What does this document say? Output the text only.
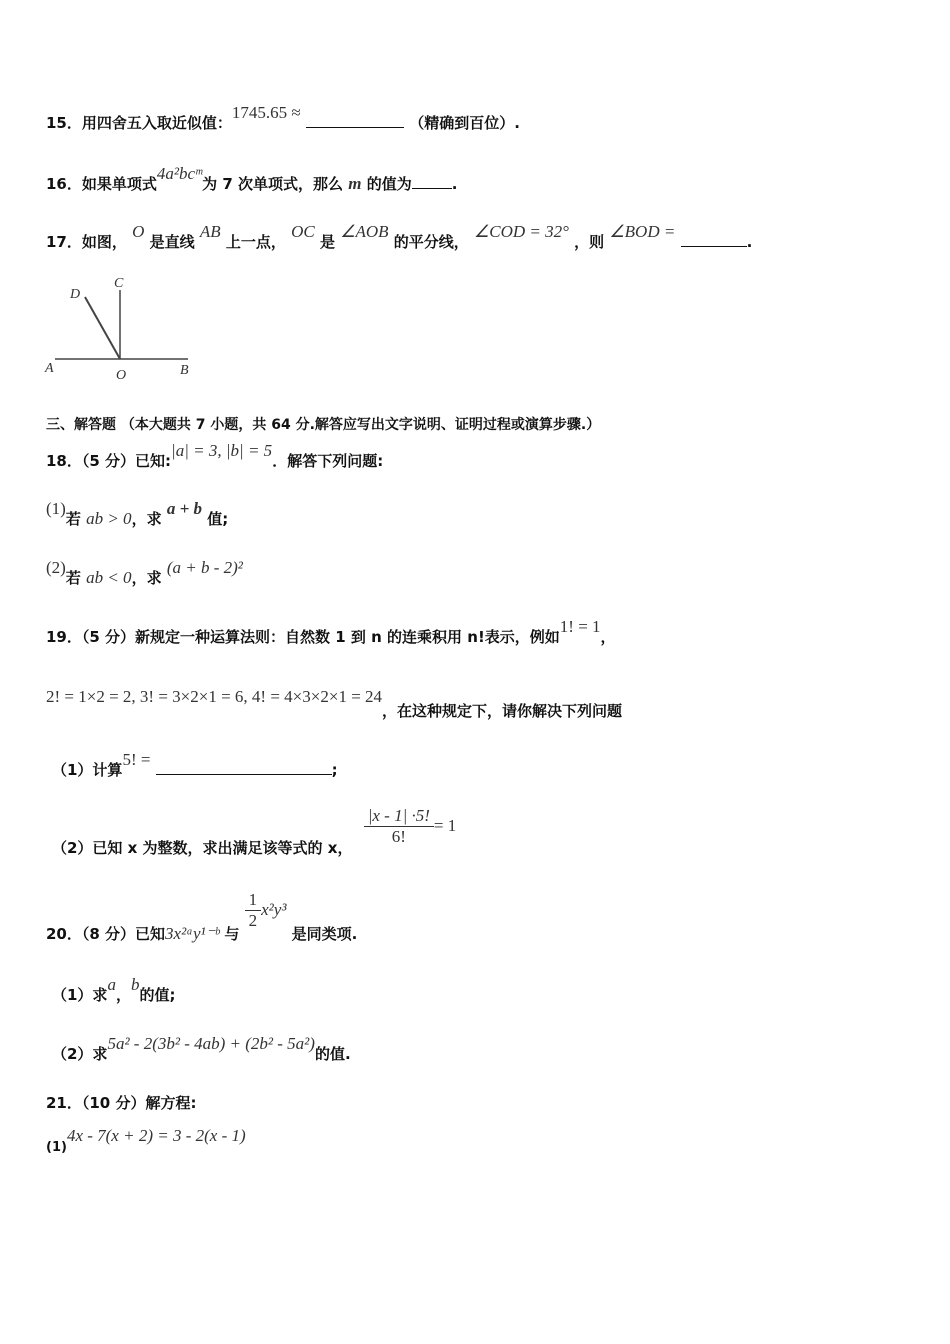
15．用四舍五入取近似值：1745.65 ≈  （精确到百位）.
16．如果单项式4a²bcᵐ为 7 次单项式，那么 m 的值为	.
17．如图， O 是直线 AB 上一点， OC 是 ∠AOB 的平分线， ∠COD = 32° ，则 ∠BOD = .
D
C
A	O	B
三、解答题 （本大题共 7 小题，共 64 分.解答应写出文字说明、证明过程或演算步骤.）
18．（5 分）已知:|a| = 3, |b| = 5．解答下列问题:
(1)若 ab > 0，求 a + b 值;
(2)若 ab < 0，求 (a + b - 2)²
19．（5 分）新规定一种运算法则：自然数 1 到 n 的连乘积用 n!表示，例如1! = 1，
2! = 1×2 = 2, 3! = 3×2×1 = 6, 4! = 4×3×2×1 = 24，在这种规定下，请你解决下列问题
（1）计算5! = ;
（2）已知 x 为整数，求出满足该等式的 x，
$\frac{|x - 1| \cdot 5!}{6!} = 1$
20．（8 分）已知3x²ᵃy¹⁻ᵇ 与
$\frac{1}{2} x^2y^3$ 是同类项.
（1）求a，b的值;
（2）求5a² - 2(3b² - 4ab) + (2b² - 5a²)的值.
21．（10 分）解方程:
(1)4x - 7(x + 2) = 3 - 2(x - 1)
